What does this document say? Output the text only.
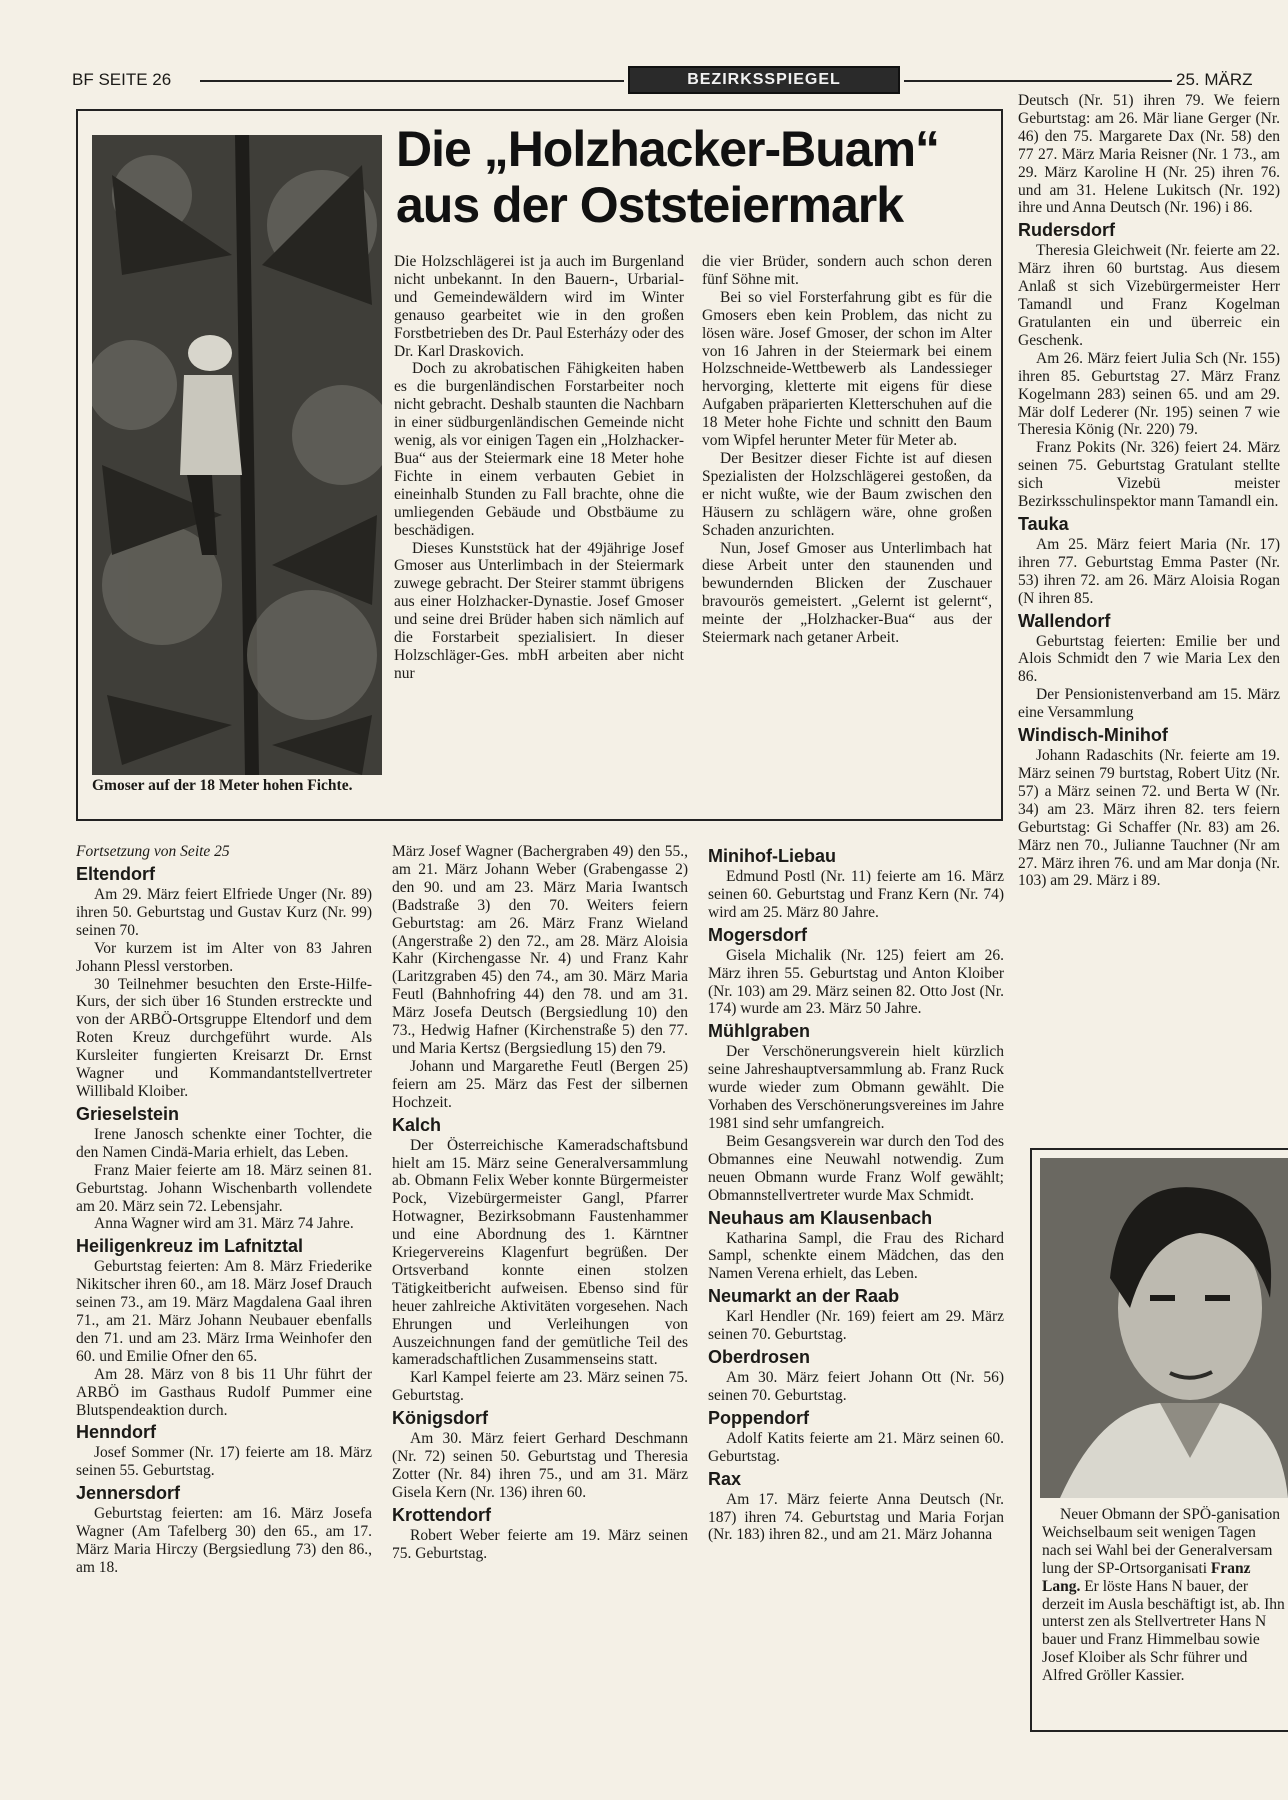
BF SEITE 26	BEZIRKSSPIEGEL	25. MÄRZ
Gmoser auf der 18 Meter hohen Fichte.
Die „Holzhacker-Buam“
aus der Oststeiermark

Die Holzschlägerei ist ja auch im Burgenland nicht unbekannt. In den Bauern-, Urbarial- und Gemeindewäldern wird im Winter genauso gearbeitet wie in den großen Forstbetrieben des Dr. Paul Esterházy oder des Dr. Karl Draskovich.

Doch zu akrobatischen Fähigkeiten haben es die burgenländischen Forstarbeiter noch nicht gebracht. Deshalb staunten die Nachbarn in einer südburgenländischen Gemeinde nicht wenig, als vor einigen Tagen ein „Holzhacker-Bua“ aus der Steiermark eine 18 Meter hohe Fichte in einem verbauten Gebiet in eineinhalb Stunden zu Fall brachte, ohne die umliegenden Gebäude und Obstbäume zu beschädigen.

Dieses Kunststück hat der 49jährige Josef Gmoser aus Unterlimbach in der Steiermark zuwege gebracht. Der Steirer stammt übrigens aus einer Holzhacker-Dynastie. Josef Gmoser und seine drei Brüder haben sich nämlich auf die Forstarbeit spezialisiert. In dieser Holzschläger-Ges. mbH arbeiten aber nicht nur

die vier Brüder, sondern auch schon deren fünf Söhne mit.

Bei so viel Forsterfahrung gibt es für die Gmosers eben kein Problem, das nicht zu lösen wäre. Josef Gmoser, der schon im Alter von 16 Jahren in der Steiermark bei einem Holzschneide-Wettbewerb als Landessieger hervorging, kletterte mit eigens für diese Aufgaben präparierten Kletterschuhen auf die 18 Meter hohe Fichte und schnitt den Baum vom Wipfel herunter Meter für Meter ab.

Der Besitzer dieser Fichte ist auf diesen Spezialisten der Holzschlägerei gestoßen, da er nicht wußte, wie der Baum zwischen den Häusern zu schlägern wäre, ohne großen Schaden anzurichten.

Nun, Josef Gmoser aus Unterlimbach hat diese Arbeit unter den staunenden und bewundernden Blicken der Zuschauer bravourös gemeistert. „Gelernt ist gelernt“, meinte der „Holzhacker-Bua“ aus der Steiermark nach getaner Arbeit.

Deutsch (Nr. 51) ihren 79. We feiern Geburtstag: am 26. Mär liane Gerger (Nr. 46) den 75. Margarete Dax (Nr. 58) den 77 27. März Maria Reisner (Nr. 1 73., am 29. März Karoline H (Nr. 25) ihren 76. und am 31. Helene Lukitsch (Nr. 192) ihre und Anna Deutsch (Nr. 196) i 86.

Rudersdorf

Theresia Gleichweit (Nr. feierte am 22. März ihren 60 burtstag. Aus diesem Anlaß st sich Vizebürgermeister Herr Tamandl und Franz Kogelman Gratulanten ein und überreic ein Geschenk.

Am 26. März feiert Julia Sch (Nr. 155) ihren 85. Geburtstag 27. März Franz Kogelmann 283) seinen 65. und am 29. Mär dolf Lederer (Nr. 195) seinen 7 wie Theresia König (Nr. 220) 79.

Franz Pokits (Nr. 326) feiert 24. März seinen 75. Geburtstag Gratulant stellte sich Vizebü meister Bezirksschulinspektor mann Tamandl ein.

Tauka

Am 25. März feiert Maria (Nr. 17) ihren 77. Geburtstag Emma Paster (Nr. 53) ihren 72. am 26. März Aloisia Rogan (N ihren 85.

Wallendorf

Geburtstag feierten: Emilie ber und Alois Schmidt den 7 wie Maria Lex den 86.

Der Pensionistenverband am 15. März eine Versammlung

Windisch-Minihof

Johann Radaschits (Nr. feierte am 19. März seinen 79 burtstag, Robert Uitz (Nr. 57) a März seinen 72. und Berta W (Nr. 34) am 23. März ihren 82. ters feiern Geburtstag: Gi Schaffer (Nr. 83) am 26. März nen 70., Julianne Tauchner (Nr am 27. März ihren 76. und am Mar donja (Nr. 103) am 29. März i 89.

Neuer Obmann der SPÖ-ganisation Weichselbaum seit wenigen Tagen nach sei Wahl bei der Generalversam lung der SP-Ortsorganisati Franz Lang. Er löste Hans N bauer, der derzeit im Ausla beschäftigt ist, ab. Ihn unterst zen als Stellvertreter Hans N bauer und Franz Himmelbau sowie Josef Kloiber als Schr führer und Alfred Gröller Kassier.

Fortsetzung von Seite 25
Eltendorf

Am 29. März feiert Elfriede Unger (Nr. 89) ihren 50. Geburtstag und Gustav Kurz (Nr. 99) seinen 70.

Vor kurzem ist im Alter von 83 Jahren Johann Plessl verstorben.

30 Teilnehmer besuchten den Erste-Hilfe-Kurs, der sich über 16 Stunden erstreckte und von der ARBÖ-Ortsgruppe Eltendorf und dem Roten Kreuz durchgeführt wurde. Als Kursleiter fungierten Kreisarzt Dr. Ernst Wagner und Kommandantstellvertreter Willibald Kloiber.

Grieselstein

Irene Janosch schenkte einer Tochter, die den Namen Cindä-Maria erhielt, das Leben.

Franz Maier feierte am 18. März seinen 81. Geburtstag. Johann Wischenbarth vollendete am 20. März sein 72. Lebensjahr.

Anna Wagner wird am 31. März 74 Jahre.

Heiligenkreuz im Lafnitztal

Geburtstag feierten: Am 8. März Friederike Nikitscher ihren 60., am 18. März Josef Drauch seinen 73., am 19. März Magdalena Gaal ihren 71., am 21. März Johann Neubauer ebenfalls den 71. und am 23. März Irma Weinhofer den 60. und Emilie Ofner den 65.

Am 28. März von 8 bis 11 Uhr führt der ARBÖ im Gasthaus Rudolf Pummer eine Blutspendeaktion durch.

Henndorf

Josef Sommer (Nr. 17) feierte am 18. März seinen 55. Geburtstag.

Jennersdorf

Geburtstag feierten: am 16. März Josefa Wagner (Am Tafelberg 30) den 65., am 17. März Maria Hirczy (Bergsiedlung 73) den 86., am 18.

März Josef Wagner (Bachergraben 49) den 55., am 21. März Johann Weber (Grabengasse 2) den 90. und am 23. März Maria Iwantsch (Badstraße 3) den 70. Weiters feiern Geburtstag: am 26. März Franz Wieland (Angerstraße 2) den 72., am 28. März Aloisia Kahr (Kirchengasse Nr. 4) und Franz Kahr (Laritzgraben 45) den 74., am 30. März Maria Feutl (Bahnhofring 44) den 78. und am 31. März Josefa Deutsch (Bergsiedlung 10) den 73., Hedwig Hafner (Kirchenstraße 5) den 77. und Maria Kertsz (Bergsiedlung 15) den 79.

Johann und Margarethe Feutl (Bergen 25) feiern am 25. März das Fest der silbernen Hochzeit.

Kalch

Der Österreichische Kameradschaftsbund hielt am 15. März seine Generalversammlung ab. Obmann Felix Weber konnte Bürgermeister Pock, Vizebürgermeister Gangl, Pfarrer Hotwagner, Bezirksobmann Faustenhammer und eine Abordnung des 1. Kärntner Kriegervereins Klagenfurt begrüßen. Der Ortsverband konnte einen stolzen Tätigkeitbericht aufweisen. Ebenso sind für heuer zahlreiche Aktivitäten vorgesehen. Nach Ehrungen und Verleihungen von Auszeichnungen fand der gemütliche Teil des kameradschaftlichen Zusammenseins statt.

Karl Kampel feierte am 23. März seinen 75. Geburtstag.

Königsdorf

Am 30. März feiert Gerhard Deschmann (Nr. 72) seinen 50. Geburtstag und Theresia Zotter (Nr. 84) ihren 75., und am 31. März Gisela Kern (Nr. 136) ihren 60.

Krottendorf

Robert Weber feierte am 19. März seinen 75. Geburtstag.

Minihof-Liebau

Edmund Postl (Nr. 11) feierte am 16. März seinen 60. Geburtstag und Franz Kern (Nr. 74) wird am 25. März 80 Jahre.

Mogersdorf

Gisela Michalik (Nr. 125) feiert am 26. März ihren 55. Geburtstag und Anton Kloiber (Nr. 103) am 29. März seinen 82. Otto Jost (Nr. 174) wurde am 23. März 50 Jahre.

Mühlgraben

Der Verschönerungsverein hielt kürzlich seine Jahreshauptversammlung ab. Franz Ruck wurde wieder zum Obmann gewählt. Die Vorhaben des Verschönerungsvereines im Jahre 1981 sind sehr umfangreich.

Beim Gesangsverein war durch den Tod des Obmannes eine Neuwahl notwendig. Zum neuen Obmann wurde Franz Wolf gewählt; Obmannstellvertreter wurde Max Schmidt.

Neuhaus am Klausenbach

Katharina Sampl, die Frau des Richard Sampl, schenkte einem Mädchen, das den Namen Verena erhielt, das Leben.

Neumarkt an der Raab

Karl Hendler (Nr. 169) feiert am 29. März seinen 70. Geburtstag.

Oberdrosen

Am 30. März feiert Johann Ott (Nr. 56) seinen 70. Geburtstag.

Poppendorf

Adolf Katits feierte am 21. März seinen 60. Geburtstag.

Rax

Am 17. März feierte Anna Deutsch (Nr. 187) ihren 74. Geburtstag und Maria Forjan (Nr. 183) ihren 82., und am 21. März Johanna
